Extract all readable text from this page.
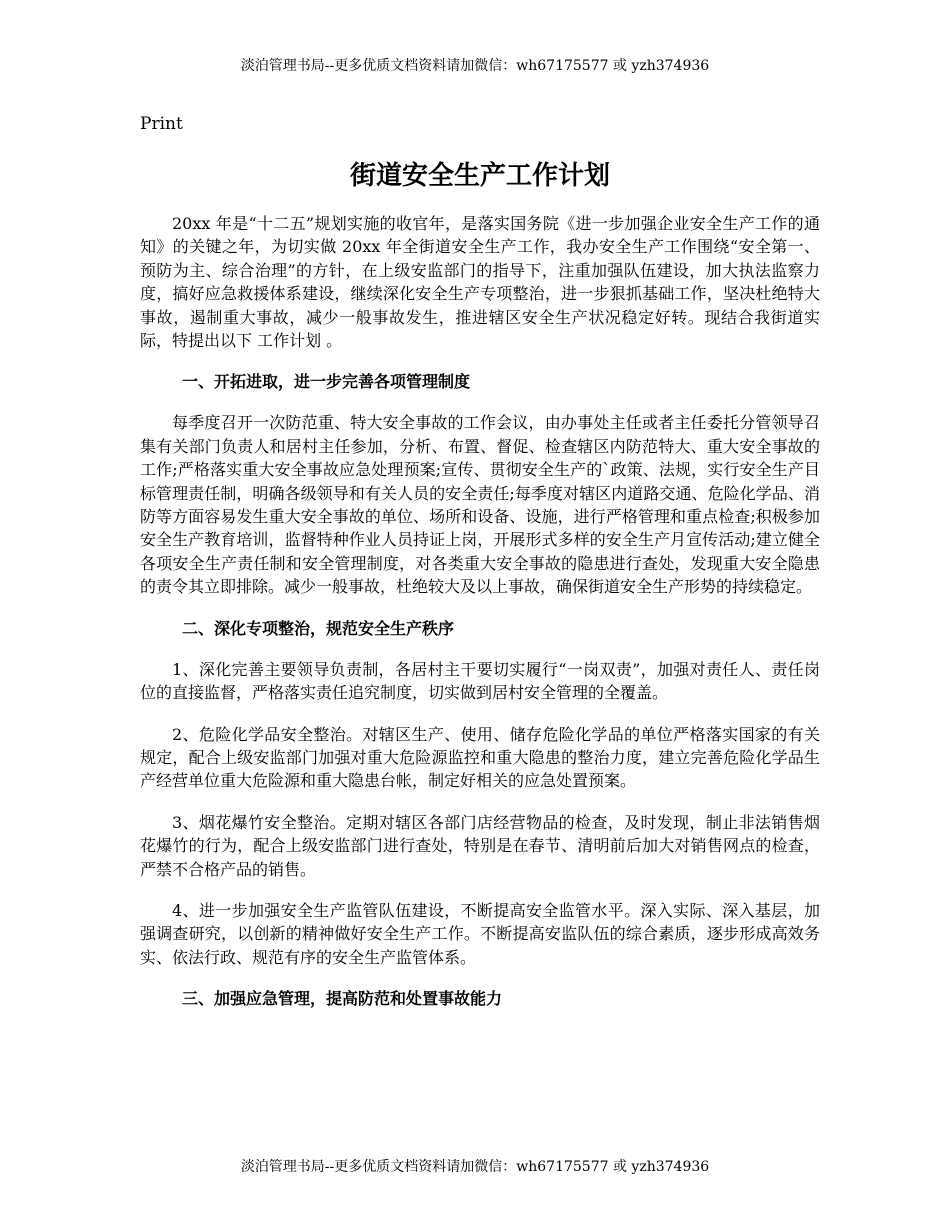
淡泊管理书局--更多优质文档资料请加微信：wh67175577 或 yzh374936

Print

街道安全生产工作计划

20xx 年是“十二五”规划实施的收官年，是落实国务院《进一步加强企业安全生产工作的通知》的关键之年，为切实做 20xx 年全街道安全生产工作，我办安全生产工作围绕“安全第一、预防为主、综合治理”的方针，在上级安监部门的指导下，注重加强队伍建设，加大执法监察力度，搞好应急救援体系建设，继续深化安全生产专项整治，进一步狠抓基础工作，坚决杜绝特大事故，遏制重大事故，减少一般事故发生，推进辖区安全生产状况稳定好转。现结合我街道实际，特提出以下 工作计划 。

一、开拓进取，进一步完善各项管理制度

每季度召开一次防范重、特大安全事故的工作会议，由办事处主任或者主任委托分管领导召集有关部门负责人和居村主任参加，分析、布置、督促、检查辖区内防范特大、重大安全事故的工作;严格落实重大安全事故应急处理预案;宣传、贯彻安全生产的`政策、法规，实行安全生产目标管理责任制，明确各级领导和有关人员的安全责任;每季度对辖区内道路交通、危险化学品、消防等方面容易发生重大安全事故的单位、场所和设备、设施，进行严格管理和重点检查;积极参加安全生产教育培训，监督特种作业人员持证上岗，开展形式多样的安全生产月宣传活动;建立健全各项安全生产责任制和安全管理制度，对各类重大安全事故的隐患进行查处，发现重大安全隐患的责令其立即排除。减少一般事故，杜绝较大及以上事故，确保街道安全生产形势的持续稳定。

二、深化专项整治，规范安全生产秩序

1、深化完善主要领导负责制，各居村主干要切实履行“一岗双责”，加强对责任人、责任岗位的直接监督，严格落实责任追究制度，切实做到居村安全管理的全覆盖。

2、危险化学品安全整治。对辖区生产、使用、储存危险化学品的单位严格落实国家的有关规定，配合上级安监部门加强对重大危险源监控和重大隐患的整治力度，建立完善危险化学品生产经营单位重大危险源和重大隐患台帐，制定好相关的应急处置预案。

3、烟花爆竹安全整治。定期对辖区各部门店经营物品的检查，及时发现，制止非法销售烟花爆竹的行为，配合上级安监部门进行查处，特别是在春节、清明前后加大对销售网点的检查，严禁不合格产品的销售。

4、进一步加强安全生产监管队伍建设，不断提高安全监管水平。深入实际、深入基层，加强调查研究，以创新的精神做好安全生产工作。不断提高安监队伍的综合素质，逐步形成高效务实、依法行政、规范有序的安全生产监管体系。

三、加强应急管理，提高防范和处置事故能力
淡泊管理书局--更多优质文档资料请加微信：wh67175577 或 yzh374936
